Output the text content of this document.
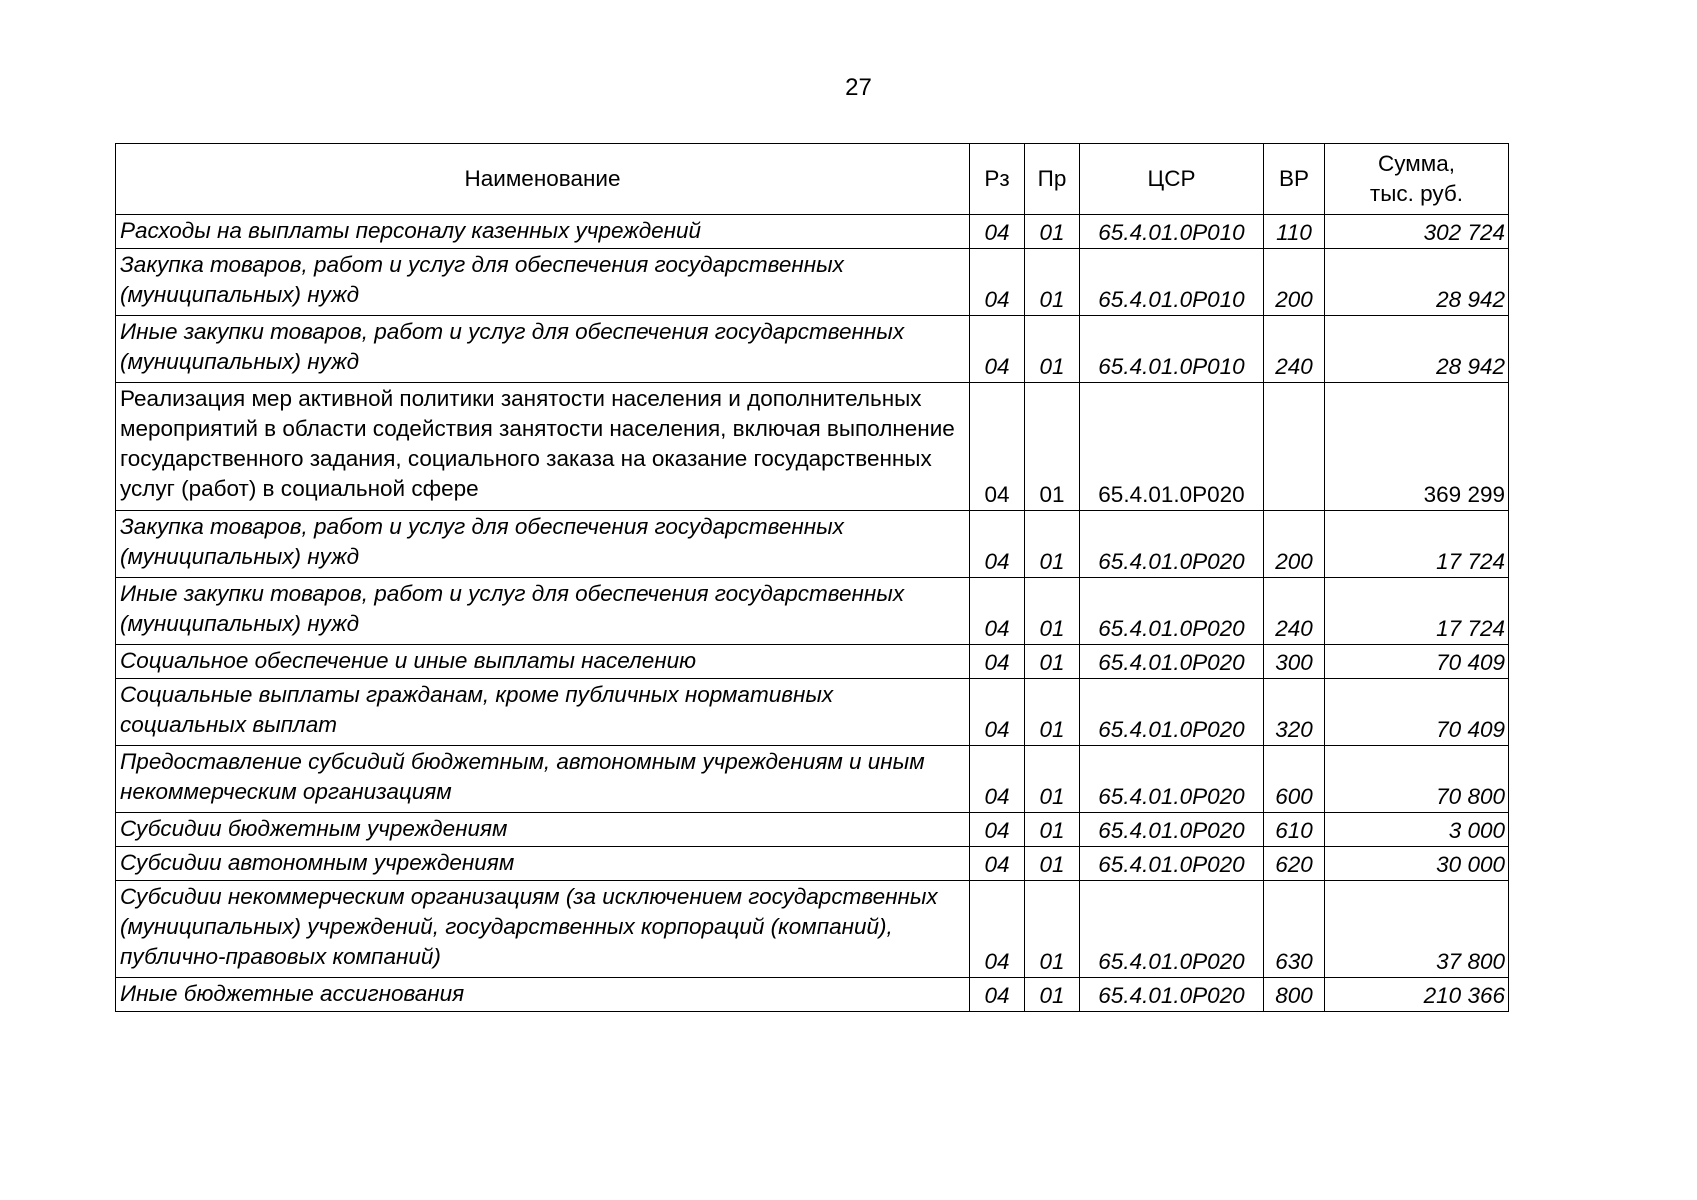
27
Наименование	Рз	Пр	ЦСР	ВР	Сумма,
тыс. руб.
Расходы на выплаты персоналу казенных учреждений	04	01	65.4.01.0Р010	110	302 724
Закупка товаров, работ и услуг для обеспечения государственных (муниципальных) нужд	04	01	65.4.01.0Р010	200	28 942
Иные закупки товаров, работ и услуг для обеспечения государственных (муниципальных) нужд	04	01	65.4.01.0Р010	240	28 942
Реализация мер активной политики занятости населения и дополнительных мероприятий в области содействия занятости населения, включая выполнение государственного задания, социального заказа на оказание государственных услуг (работ) в социальной сфере	04	01	65.4.01.0Р020		369 299
Закупка товаров, работ и услуг для обеспечения государственных (муниципальных) нужд	04	01	65.4.01.0Р020	200	17 724
Иные закупки товаров, работ и услуг для обеспечения государственных (муниципальных) нужд	04	01	65.4.01.0Р020	240	17 724
Социальное обеспечение и иные выплаты населению	04	01	65.4.01.0Р020	300	70 409
Социальные выплаты гражданам, кроме публичных нормативных социальных выплат	04	01	65.4.01.0Р020	320	70 409
Предоставление субсидий бюджетным, автономным учреждениям и иным некоммерческим организациям	04	01	65.4.01.0Р020	600	70 800
Субсидии бюджетным учреждениям	04	01	65.4.01.0Р020	610	3 000
Субсидии автономным учреждениям	04	01	65.4.01.0Р020	620	30 000
Субсидии некоммерческим организациям (за исключением государственных (муниципальных) учреждений, государственных корпораций (компаний), публично-правовых компаний)	04	01	65.4.01.0Р020	630	37 800
Иные бюджетные ассигнования	04	01	65.4.01.0Р020	800	210 366
